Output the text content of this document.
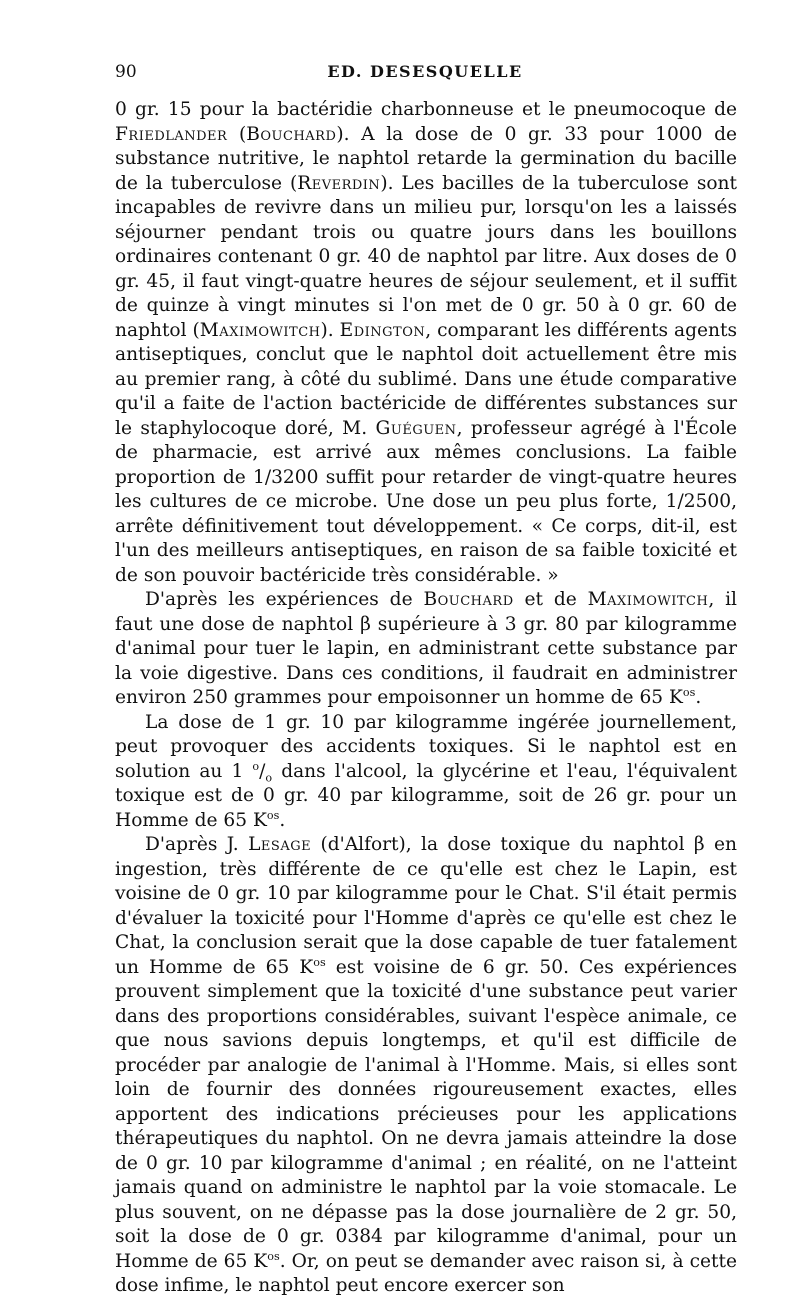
90	ED. DESESQUELLE

0 gr. 15 pour la bactéridie charbonneuse et le pneumocoque de Friedlander (Bouchard). A la dose de 0 gr. 33 pour 1000 de substance nutritive, le naphtol retarde la germination du bacille de la tuberculose (Reverdin). Les bacilles de la tuberculose sont incapables de revivre dans un milieu pur, lorsqu'on les a laissés séjourner pendant trois ou quatre jours dans les bouillons ordinaires contenant 0 gr. 40 de naphtol par litre. Aux doses de 0 gr. 45, il faut vingt-quatre heures de séjour seulement, et il suffit de quinze à vingt minutes si l'on met de 0 gr. 50 à 0 gr. 60 de naphtol (Maximowitch). Edington, comparant les différents agents antiseptiques, conclut que le naphtol doit actuellement être mis au premier rang, à côté du sublimé. Dans une étude comparative qu'il a faite de l'action bactéricide de différentes substances sur le staphylocoque doré, M. Guéguen, professeur agrégé à l'École de pharmacie, est arrivé aux mêmes conclusions. La faible proportion de 1/3200 suffit pour retarder de vingt-quatre heures les cultures de ce microbe. Une dose un peu plus forte, 1/2500, arrête définitivement tout développement. « Ce corps, dit-il, est l'un des meilleurs antiseptiques, en raison de sa faible toxicité et de son pouvoir bactéricide très considérable. »

D'après les expériences de Bouchard et de Maximowitch, il faut une dose de naphtol β supérieure à 3 gr. 80 par kilogramme d'animal pour tuer le lapin, en administrant cette substance par la voie digestive. Dans ces conditions, il faudrait en administrer environ 250 grammes pour empoisonner un homme de 65 $K^{os}$.

La dose de 1 gr. 10 par kilogramme ingérée journellement, peut provoquer des accidents toxiques. Si le naphtol est en solution au 1 $^o/_o$ dans l'alcool, la glycérine et l'eau, l'équivalent toxique est de 0 gr. 40 par kilogramme, soit de 26 gr. pour un Homme de 65 $K^{os}$.

D'après J. Lesage (d'Alfort), la dose toxique du naphtol β en ingestion, très différente de ce qu'elle est chez le Lapin, est voisine de 0 gr. 10 par kilogramme pour le Chat. S'il était permis d'évaluer la toxicité pour l'Homme d'après ce qu'elle est chez le Chat, la conclusion serait que la dose capable de tuer fatalement un Homme de 65 $K^{os}$ est voisine de 6 gr. 50. Ces expériences prouvent simplement que la toxicité d'une substance peut varier dans des proportions considérables, suivant l'espèce animale, ce que nous savions depuis longtemps, et qu'il est difficile de procéder par analogie de l'animal à l'Homme. Mais, si elles sont loin de fournir des données rigoureusement exactes, elles apportent des indications précieuses pour les applications thérapeutiques du naphtol. On ne devra jamais atteindre la dose de 0 gr. 10 par kilogramme d'animal ; en réalité, on ne l'atteint jamais quand on administre le naphtol par la voie stomacale. Le plus souvent, on ne dépasse pas la dose journalière de 2 gr. 50, soit la dose de 0 gr. 0384 par kilogramme d'animal, pour un Homme de 65 $K^{os}$. Or, on peut se demander avec raison si, à cette dose infime, le naphtol peut encore exercer son
